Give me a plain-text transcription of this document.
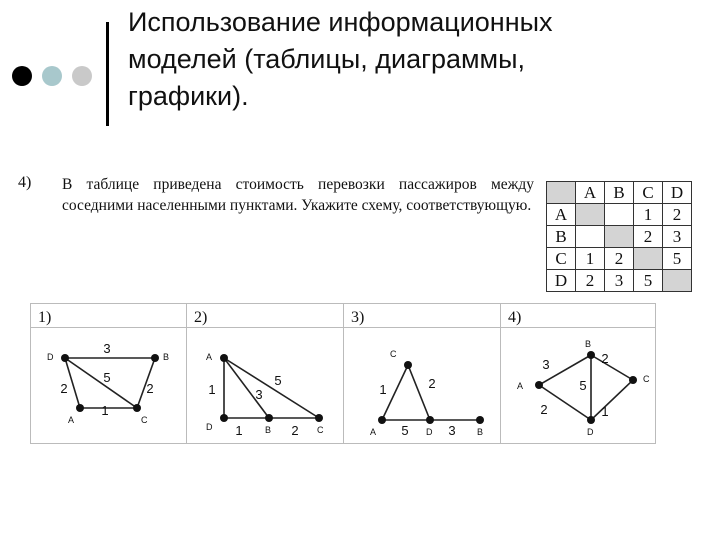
Использование информационных
моделей (таблицы, диаграммы,
графики).
4) В таблице приведена стоимость перевозки пассажиров между соседними населенными пунктами. Укажите схему, соответствующую.
	A	B	C	D
A			1	2
B			2	3
C	1	2		5
D	2	3	5	
1)	2)	3)	4)
3
2	2
1
5
D	B
A	C
1	3
5
1	2
A
D	B	C
1	2
5	3
C
A	D	B
3	2
5
2	1
B
A
C
D
